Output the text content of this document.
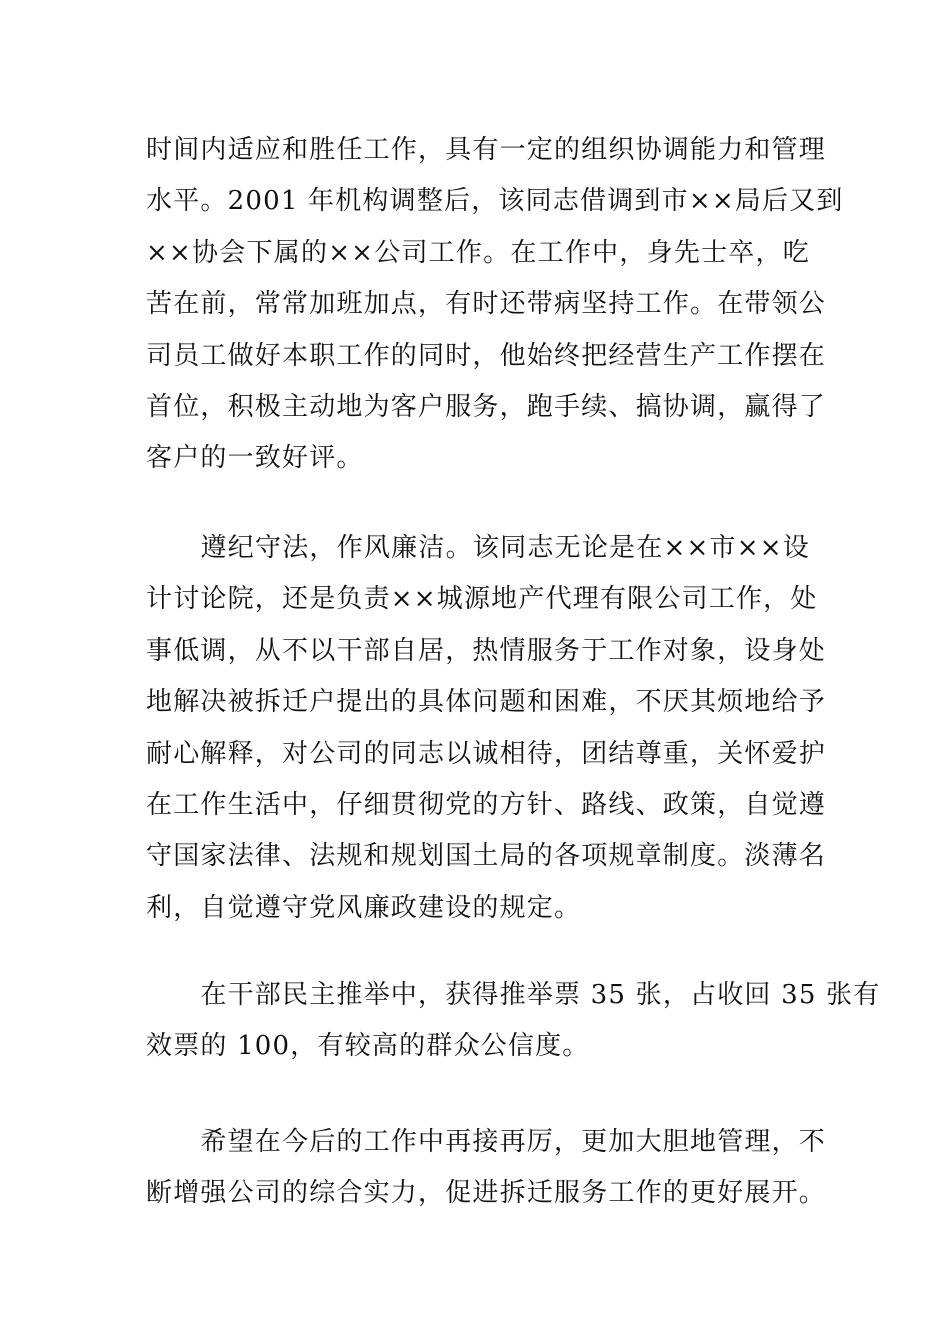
时间内适应和胜任工作，具有一定的组织协调能力和管理
水平。2001 年机构调整后，该同志借调到市××局后又到
××协会下属的××公司工作。在工作中，身先士卒，吃
苦在前，常常加班加点，有时还带病坚持工作。在带领公
司员工做好本职工作的同时，他始终把经营生产工作摆在
首位，积极主动地为客户服务，跑手续、搞协调，赢得了
客户的一致好评。

　　遵纪守法，作风廉洁。该同志无论是在××市××设
计讨论院，还是负责××城源地产代理有限公司工作，处
事低调，从不以干部自居，热情服务于工作对象，设身处
地解决被拆迁户提出的具体问题和困难，不厌其烦地给予
耐心解释，对公司的同志以诚相待，团结尊重，关怀爱护
在工作生活中，仔细贯彻党的方针、路线、政策，自觉遵
守国家法律、法规和规划国土局的各项规章制度。淡薄名
利，自觉遵守党风廉政建设的规定。

　　在干部民主推举中，获得推举票 35 张，占收回 35 张有
效票的 100，有较高的群众公信度。

　　希望在今后的工作中再接再厉，更加大胆地管理，不
断增强公司的综合实力，促进拆迁服务工作的更好展开。
